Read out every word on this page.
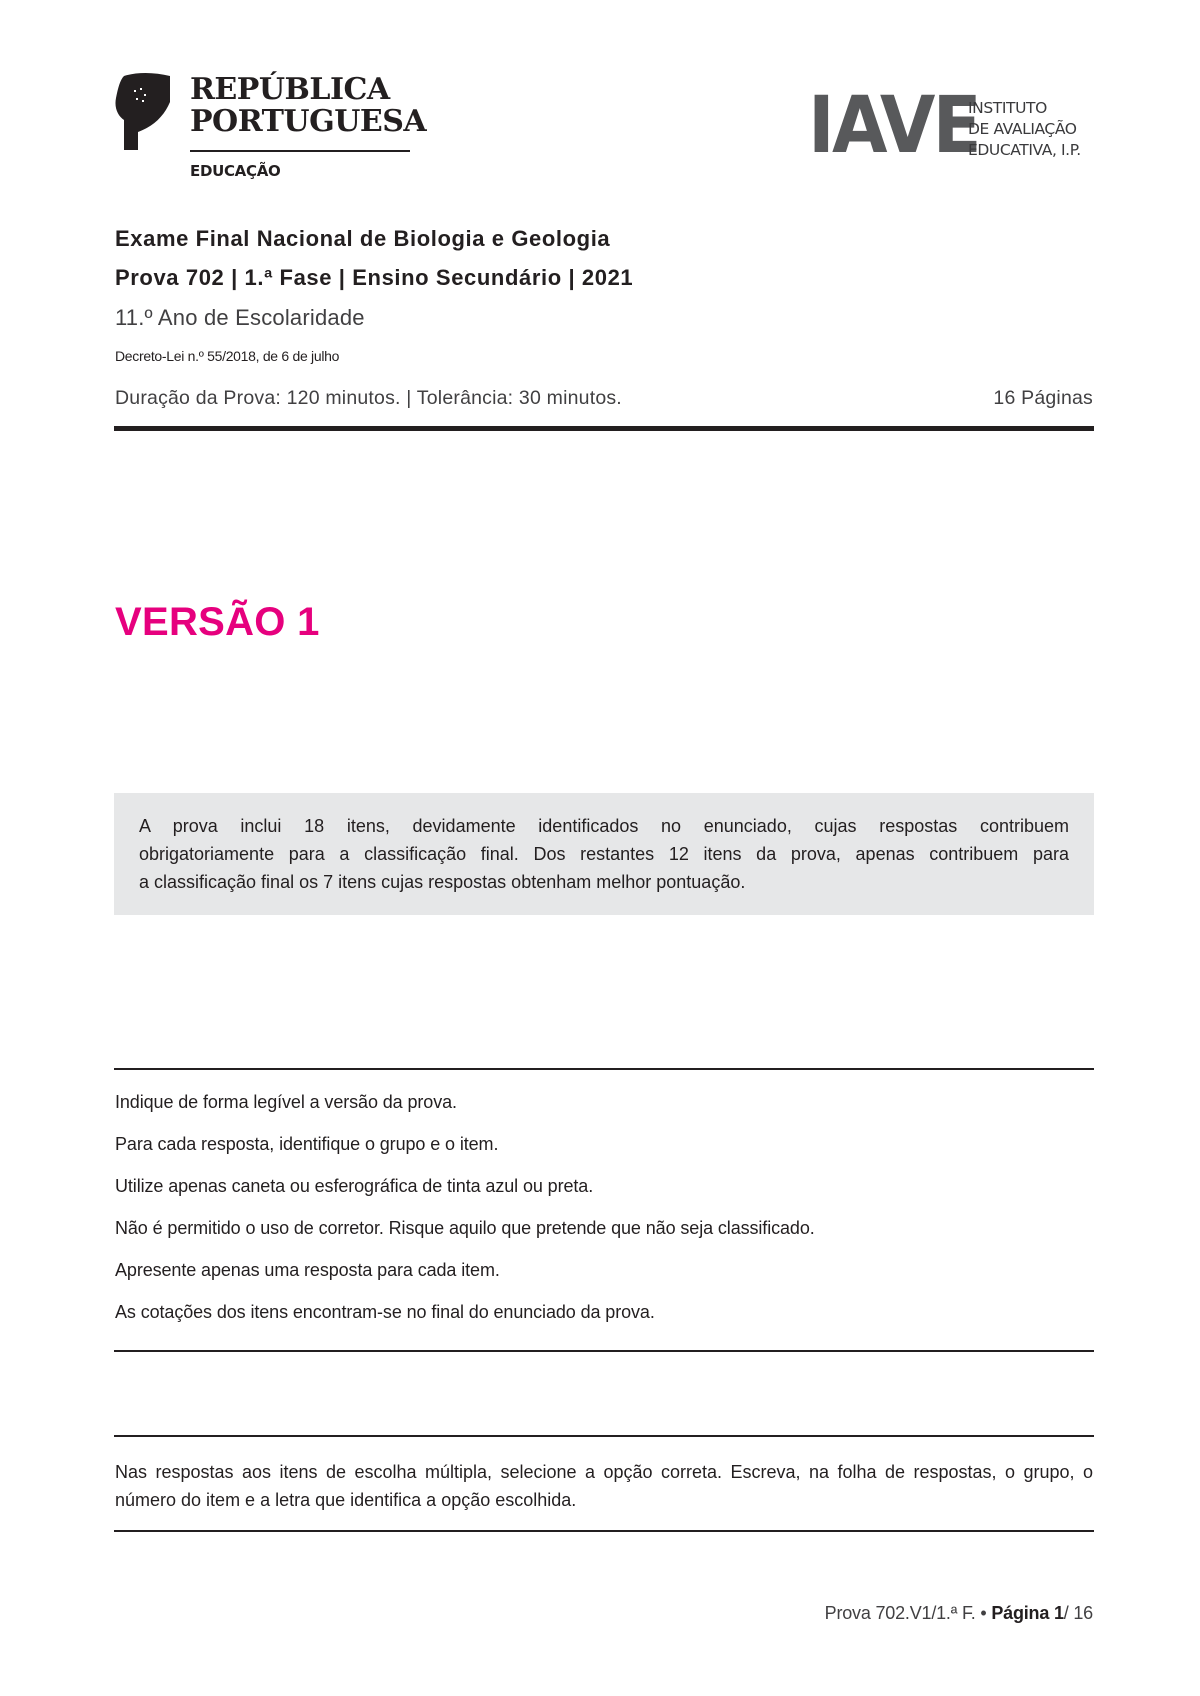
REPÚBLICA
PORTUGUESA
EDUCAÇÃO	IAVE
INSTITUTO
DE AVALIAÇÃO
EDUCATIVA, I.P.
Exame Final Nacional de Biologia e Geologia
Prova 702 | 1.ª Fase | Ensino Secundário | 2021
11.º Ano de Escolaridade
Decreto-Lei n.º 55/2018, de 6 de julho
Duração da Prova: 120 minutos. | Tolerância: 30 minutos.	16 Páginas
VERSÃO 1
A prova inclui 18 itens, devidamente identificados no enunciado, cujas respostas contribuem
obrigatoriamente para a classificação final. Dos restantes 12 itens da prova, apenas contribuem para
a classificação final os 7 itens cujas respostas obtenham melhor pontuação.
Indique de forma legível a versão da prova.
Para cada resposta, identifique o grupo e o item.
Utilize apenas caneta ou esferográfica de tinta azul ou preta.
Não é permitido o uso de corretor. Risque aquilo que pretende que não seja classificado.
Apresente apenas uma resposta para cada item.
As cotações dos itens encontram-se no final do enunciado da prova.
Nas respostas aos itens de escolha múltipla, selecione a opção correta. Escreva, na folha de respostas, o grupo, o número do item e a letra que identifica a opção escolhida.
Prova 702.V1/1.ª F. • Página 1/ 16
